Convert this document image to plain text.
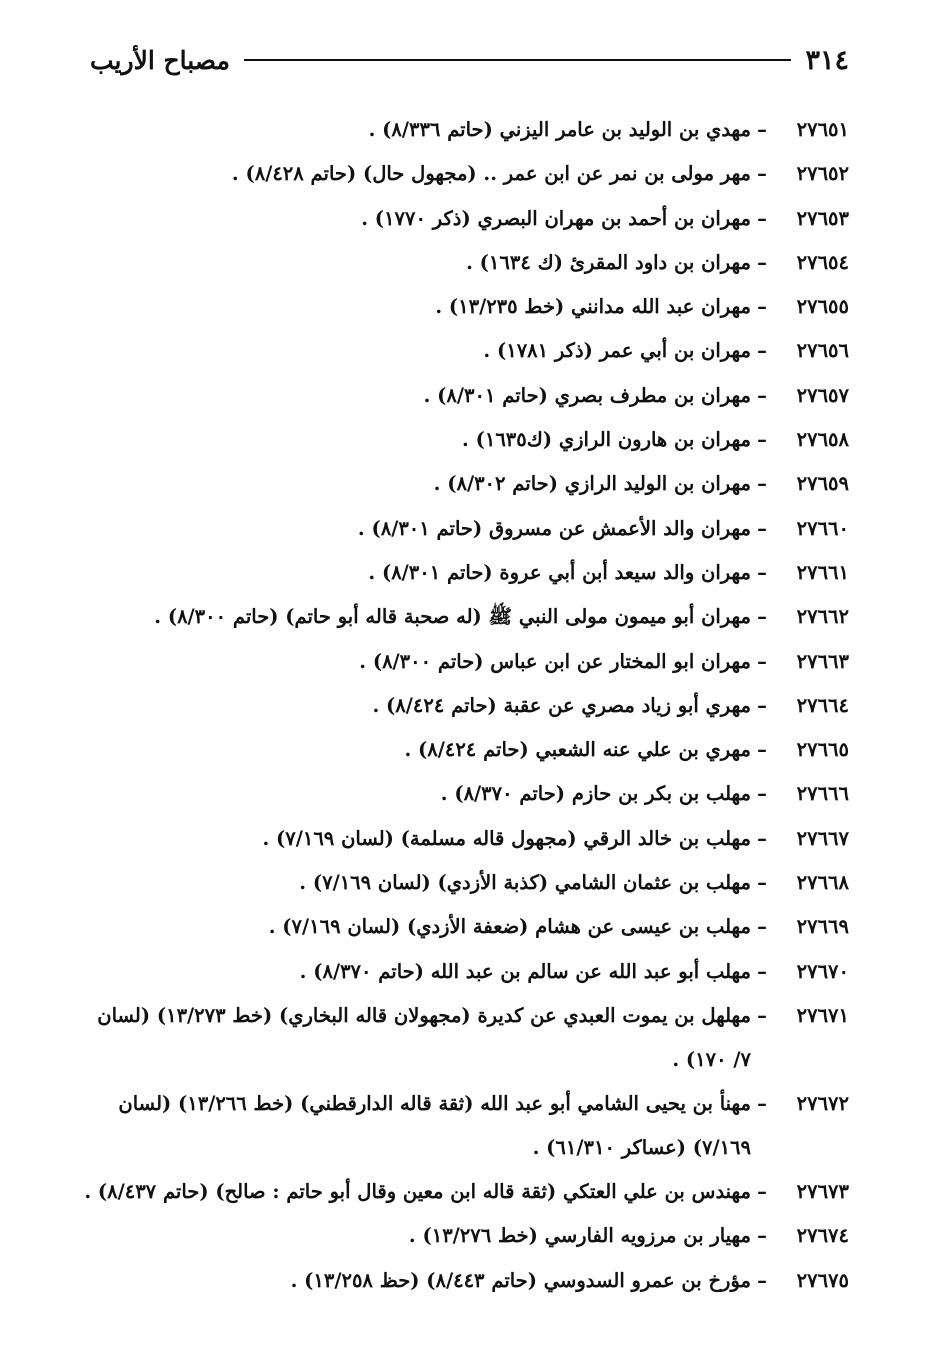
٣١٤
مصباح الأريب
٢٧٦٥١
–
مهدي بن الوليد بن عامر اليزني (حاتم ٨/٣٣٦) .
٢٧٦٥٢
–
مهر مولى بن نمر عن ابن عمر .. (مجهول حال) (حاتم ٨/٤٢٨) .
٢٧٦٥٣
–
مهران بن أحمد بن مهران البصري (ذكر ١٧٧٠) .
٢٧٦٥٤
–
مهران بن داود المقرئ (ك ١٦٣٤) .
٢٧٦٥٥
–
مهران عبد الله مدانني (خط ١٣/٢٣٥) .
٢٧٦٥٦
–
مهران بن أبي عمر (ذكر ١٧٨١) .
٢٧٦٥٧
–
مهران بن مطرف بصري (حاتم ٨/٣٠١) .
٢٧٦٥٨
–
مهران بن هارون الرازي (ك١٦٣٥) .
٢٧٦٥٩
–
مهران بن الوليد الرازي (حاتم ٨/٣٠٢) .
٢٧٦٦٠
–
مهران والد الأعمش عن مسروق (حاتم ٨/٣٠١) .
٢٧٦٦١
–
مهران والد سيعد أبن أبي عروة (حاتم ٨/٣٠١) .
٢٧٦٦٢
–
مهران أبو ميمون مولى النبي ﷺ (له صحبة قاله أبو حاتم) (حاتم ٨/٣٠٠) .
٢٧٦٦٣
–
مهران ابو المختار عن ابن عباس (حاتم ٨/٣٠٠) .
٢٧٦٦٤
–
مهري أبو زياد مصري عن عقبة (حاتم ٨/٤٢٤) .
٢٧٦٦٥
–
مهري بن علي عنه الشعبي (حاتم ٨/٤٢٤) .
٢٧٦٦٦
–
مهلب بن بكر بن حازم (حاتم ٨/٣٧٠) .
٢٧٦٦٧
–
مهلب بن خالد الرقي (مجهول قاله مسلمة) (لسان ٧/١٦٩) .
٢٧٦٦٨
–
مهلب بن عثمان الشامي (كذبة الأزدي) (لسان ٧/١٦٩) .
٢٧٦٦٩
–
مهلب بن عيسى عن هشام (ضعفة الأزدي) (لسان ٧/١٦٩) .
٢٧٦٧٠
–
مهلب أبو عبد الله عن سالم بن عبد الله (حاتم ٨/٣٧٠) .
٢٧٦٧١
–
مهلهل بن يموت العبدي عن كديرة (مجهولان قاله البخاري) (خط ١٣/٢٧٣) (لسان ٧/ ١٧٠) .
٢٧٦٧٢
–
مهنأ بن يحيى الشامي أبو عبد الله (ثقة قاله الدارقطني) (خط ١٣/٢٦٦) (لسان ٧/١٦٩) (عساكر ٦١/٣١٠) .
٢٧٦٧٣
–
مهندس بن علي العتكي (ثقة قاله ابن معين وقال أبو حاتم : صالح) (حاتم ٨/٤٣٧) .
٢٧٦٧٤
–
مهيار بن مرزويه الفارسي (خط ١٣/٢٧٦) .
٢٧٦٧٥
–
مؤرخ بن عمرو السدوسي (حاتم ٨/٤٤٣) (حظ ١٣/٢٥٨) .
